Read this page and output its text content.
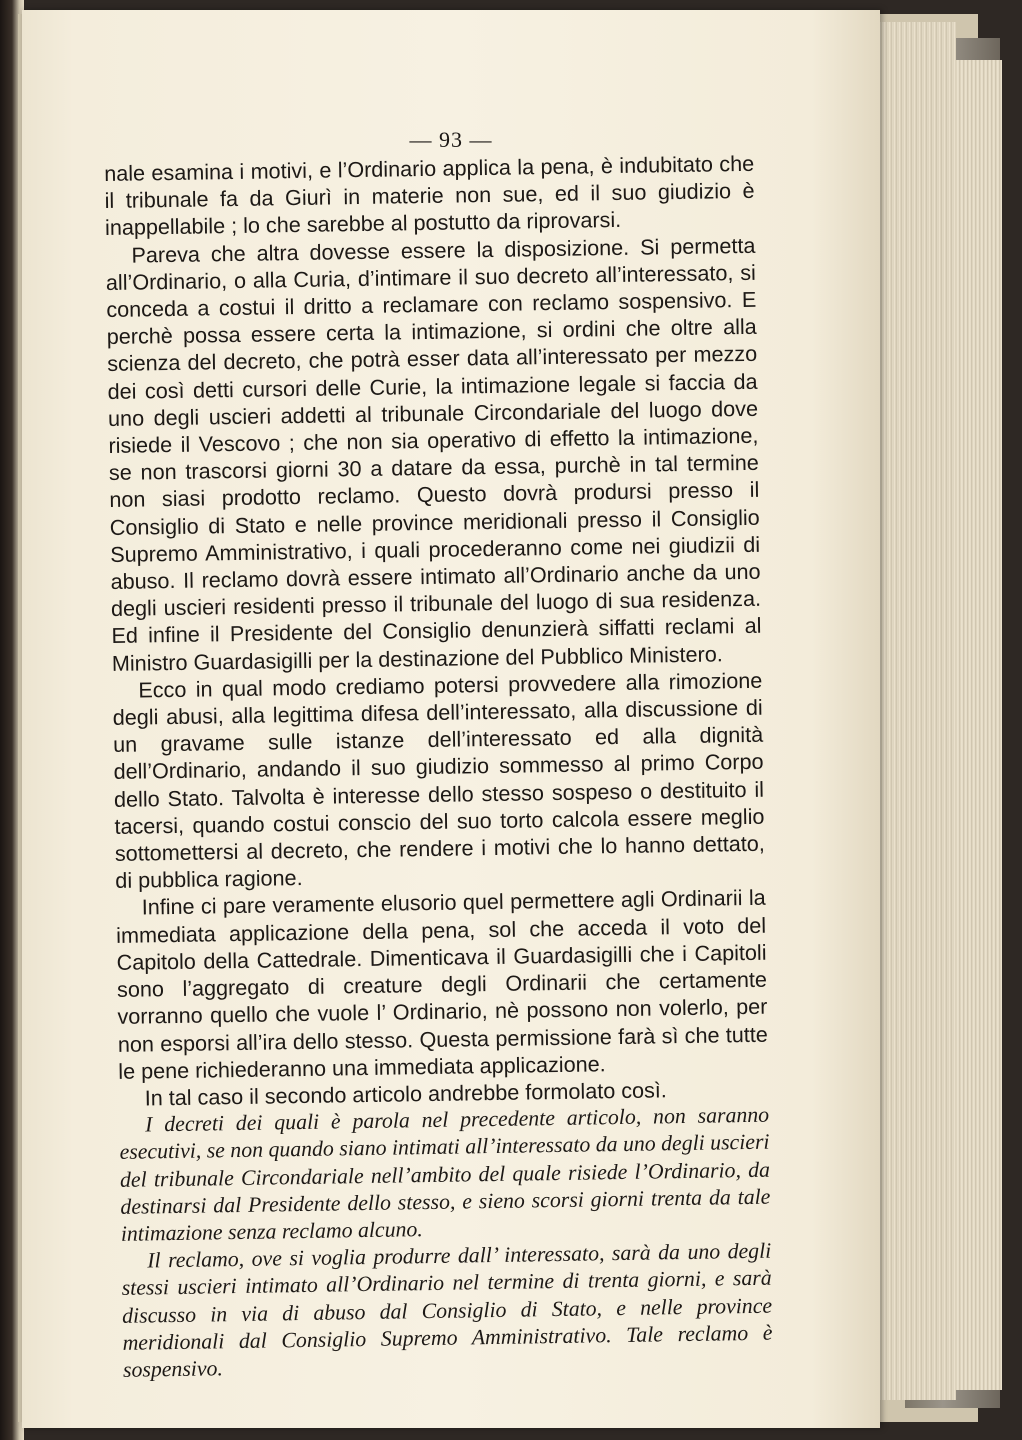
— 93 —

nale esamina i motivi, e l’Ordinario applica la pena, è indubitato che il tribunale fa da Giurì in materie non sue, ed il suo giudizio è inappellabile ; lo che sarebbe al postutto da riprovarsi.

Pareva che altra dovesse essere la disposizione. Si permetta all’Ordinario, o alla Curia, d’intimare il suo decreto all’interessato, si conceda a costui il dritto a reclamare con reclamo sospensivo. E perchè possa essere certa la intimazione, si ordini che oltre alla scienza del decreto, che potrà esser data all’interessato per mezzo dei così detti cursori delle Curie, la intimazione legale si faccia da uno degli uscieri addetti al tribunale Circondariale del luogo dove risiede il Vescovo ; che non sia operativo di effetto la intimazione, se non trascorsi giorni 30 a datare da essa, purchè in tal termine non siasi prodotto reclamo. Questo dovrà prodursi presso il Consiglio di Stato e nelle province meridionali presso il Consiglio Supremo Amministrativo, i quali procederanno come nei giudizii di abuso. Il reclamo dovrà essere intimato all’Ordinario anche da uno degli uscieri residenti presso il tribunale del luogo di sua residenza. Ed infine il Presidente del Consiglio denunzierà siffatti reclami al Ministro Guardasigilli per la destinazione del Pubblico Ministero.

Ecco in qual modo crediamo potersi provvedere alla rimozione degli abusi, alla legittima difesa dell’interessato, alla discussione di un gravame sulle istanze dell’interessato ed alla dignità dell’Ordinario, andando il suo giudizio sommesso al primo Corpo dello Stato. Talvolta è interesse dello stesso sospeso o destituito il tacersi, quando costui conscio del suo torto calcola essere meglio sottomettersi al decreto, che rendere i motivi che lo hanno dettato, di pubblica ragione.

Infine ci pare veramente elusorio quel permettere agli Ordinarii la immediata applicazione della pena, sol che acceda il voto del Capitolo della Cattedrale. Dimenticava il Guardasigilli che i Capitoli sono l’aggregato di creature degli Ordinarii che certamente vorranno quello che vuole l’ Ordinario, nè possono non volerlo, per non esporsi all’ira dello stesso. Questa permissione farà sì che tutte le pene richiederanno una immediata applicazione.

In tal caso il secondo articolo andrebbe formolato così.

I decreti dei quali è parola nel precedente articolo, non saranno esecutivi, se non quando siano intimati all’interessato da uno degli uscieri del tribunale Circondariale nell’ambito del quale risiede l’Ordinario, da destinarsi dal Presidente dello stesso, e sieno scorsi giorni trenta da tale intimazione senza reclamo alcuno.

Il reclamo, ove si voglia produrre dall’ interessato, sarà da uno degli stessi uscieri intimato all’Ordinario nel termine di trenta giorni, e sarà discusso in via di abuso dal Consiglio di Stato, e nelle province meridionali dal Consiglio Supremo Amministrativo. Tale reclamo è sospensivo.
